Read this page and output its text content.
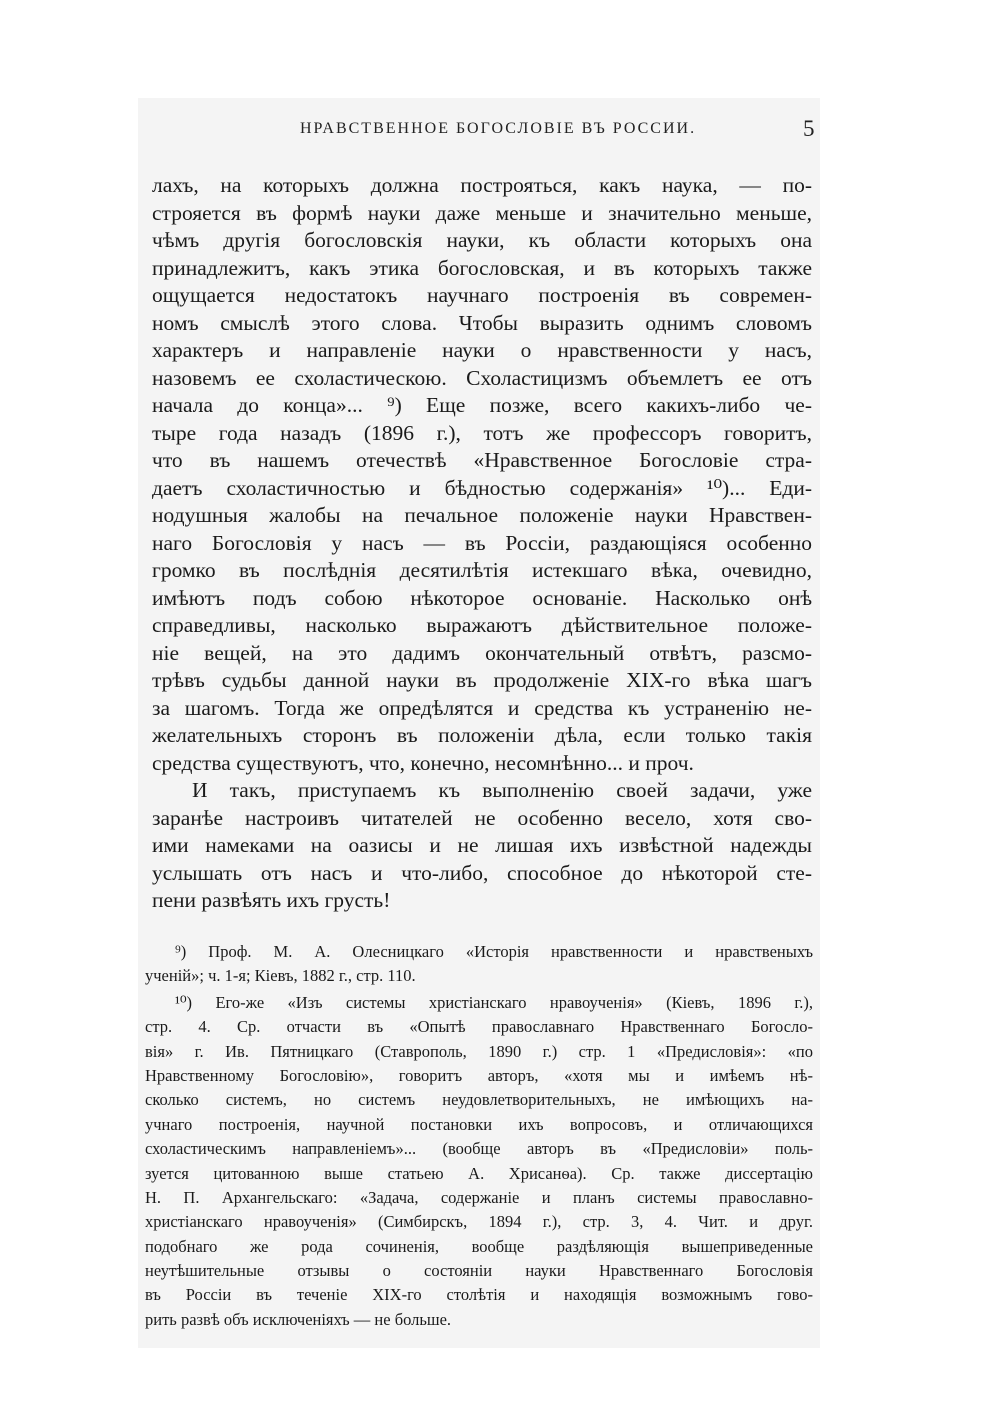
НРАВСТВЕННОЕ БОГОСЛОВІЕ ВЪ РОССИИ.	5
лахъ, на которыхъ должна построяться, какъ наука, — по-
строяется въ формѣ науки даже меньше и значительно меньше,
чѣмъ другія богословскія науки, къ области которыхъ она
принадлежитъ, какъ этика богословская, и въ которыхъ также
ощущается недостатокъ научнаго построенія въ современ-
номъ смыслѣ этого слова. Чтобы выразить однимъ словомъ
характеръ и направленіе науки о нравственности у насъ,
назовемъ ее схоластическою. Схоластицизмъ объемлетъ ее отъ
начала до конца»... ⁹) Еще позже, всего какихъ-либо че-
тыре года назадъ (1896 г.), тотъ же профессоръ говоритъ,
что въ нашемъ отечествѣ «Нравственное Богословіе стра-
даетъ схоластичностью и бѣдностью содержанія» ¹⁰)... Еди-
нодушныя жалобы на печальное положеніе науки Нравствен-
наго Богословія у насъ — въ Россіи, раздающіяся особенно
громко въ послѣднія десятилѣтія истекшаго вѣка, очевидно,
имѣютъ подъ собою нѣкоторое основаніе. Насколько онѣ
справедливы, насколько выражаютъ дѣйствительное положе-
ніе вещей, на это дадимъ окончательный отвѣтъ, разсмо-
трѣвъ судьбы данной науки въ продолженіе XIX-го вѣка шагъ
за шагомъ. Тогда же опредѣлятся и средства къ устраненію не-
желательныхъ сторонъ въ положеніи дѣла, если только такія
средства существуютъ, что, конечно, несомнѣнно... и проч.
И такъ, приступаемъ къ выполненію своей задачи, уже
заранѣе настроивъ читателей не особенно весело, хотя сво-
ими намеками на оазисы и не лишая ихъ извѣстной надежды
услышать отъ насъ и что-либо, способное до нѣкоторой сте-
пени развѣять ихъ грусть!
⁹) Проф. М. А. Олесницкаго «Исторія нравственности и нравственыхъ
ученій»; ч. 1-я; Кіевъ, 1882 г., стр. 110.
¹⁰) Его-же «Изъ системы христіанскаго нравоученія» (Кіевъ, 1896 г.),
стр. 4. Ср. отчасти въ «Опытѣ православнаго Нравственнаго Богосло-
вія» г. Ив. Пятницкаго (Ставрополь, 1890 г.) стр. 1 «Предисловія»: «по
Нравственному Богословію», говоритъ авторъ, «хотя мы и имѣемъ нѣ-
сколько системъ, но системъ неудовлетворительныхъ, не имѣющихъ на-
учнаго построенія, научной постановки ихъ вопросовъ, и отличающихся
схоластическимъ направленіемъ»... (вообще авторъ въ «Предисловіи» поль-
зуется цитованною выше статьею А. Хрисанѳа). Ср. также диссертацію
Н. П. Архангельскаго: «Задача, содержаніе и планъ системы православно-
христіанскаго нравоученія» (Симбирскъ, 1894 г.), стр. 3, 4. Чит. и друг.
подобнаго же рода сочиненія, вообще раздѣляющія вышеприведенные
неутѣшительные отзывы о состояніи науки Нравственнаго Богословія
въ Россіи въ теченіе XIX-го столѣтія и находящія возможнымъ гово-
рить развѣ объ исключеніяхъ — не больше.
